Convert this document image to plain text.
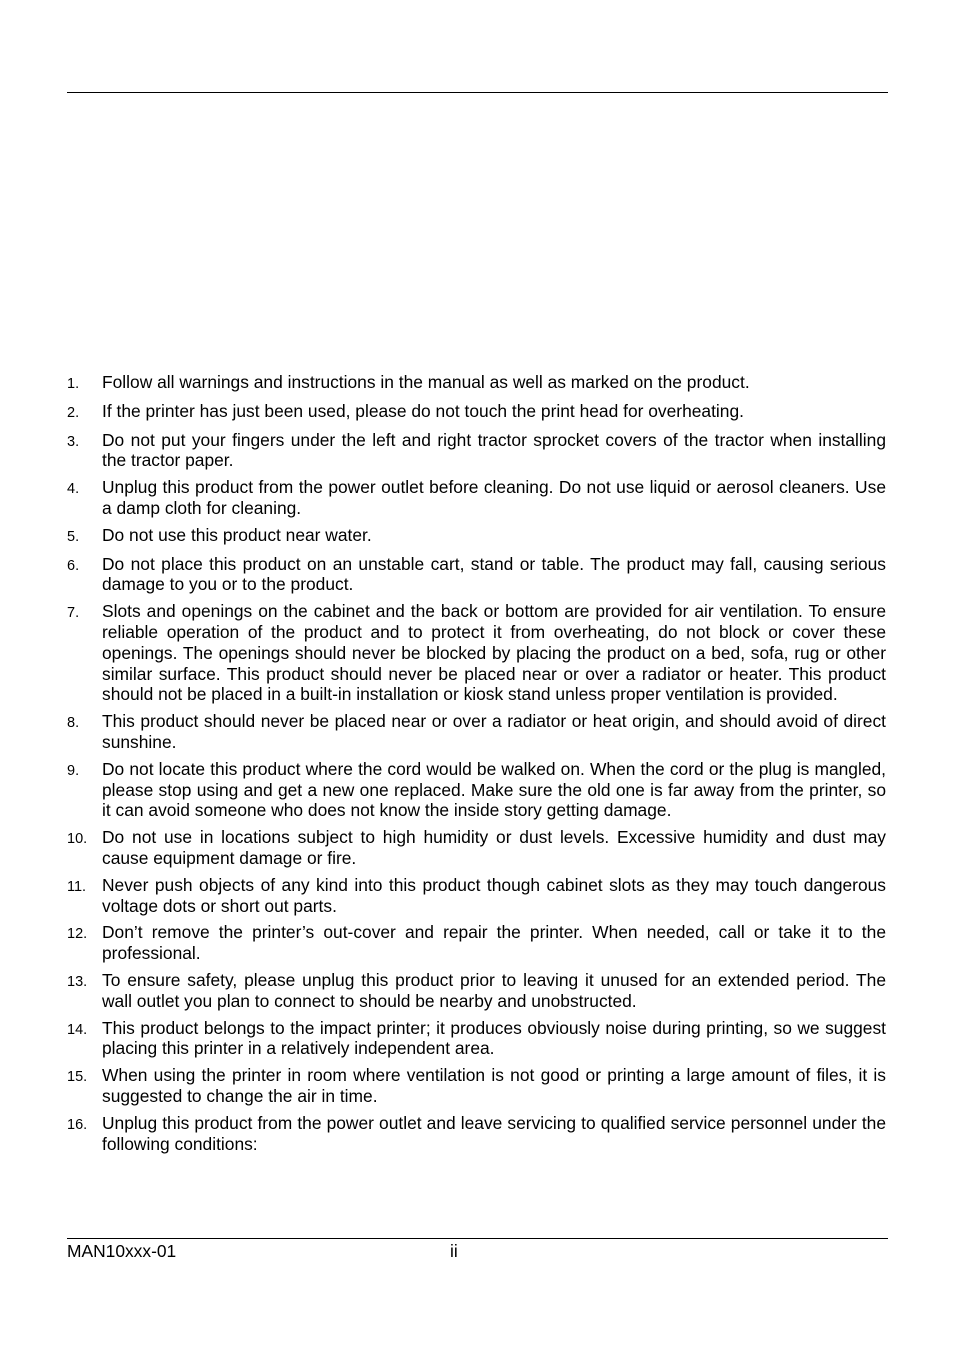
1.	Follow all warnings and instructions in the manual as well as marked on the product.
2.	If the printer has just been used, please do not touch the print head for overheating.
3.	Do not put your fingers under the left and right tractor sprocket covers of the tractor when installing the tractor paper.
4.	Unplug this product from the power outlet before cleaning. Do not use liquid or aerosol cleaners. Use a damp cloth for cleaning.
5.	Do not use this product near water.
6.	Do not place this product on an unstable cart, stand or table. The product may fall, causing serious damage to you or to the product.
7.	Slots and openings on the cabinet and the back or bottom are provided for air ventilation. To ensure reliable operation of the product and to protect it from overheating, do not block or cover these openings. The openings should never be blocked by placing the product on a bed, sofa, rug or other similar surface. This product should never be placed near or over a radiator or heater. This product should not be placed in a built-in installation or kiosk stand unless proper ventilation is provided.
8.	This product should never be placed near or over a radiator or heat origin, and should avoid of direct sunshine.
9.	Do not locate this product where the cord would be walked on. When the cord or the plug is mangled, please stop using and get a new one replaced. Make sure the old one is far away from the printer, so it can avoid someone who does not know the inside story getting damage.
10. Do not use in locations subject to high humidity or dust levels. Excessive humidity and dust may cause equipment damage or fire.
11. Never push objects of any kind into this product though cabinet slots as they may touch dangerous voltage dots or short out parts.
12. Don’t remove the printer’s out-cover and repair the printer. When needed, call or take it to the professional.
13. To ensure safety, please unplug this product prior to leaving it unused for an extended period. The wall outlet you plan to connect to should be nearby and unobstructed.
14. This product belongs to the impact printer; it produces obviously noise during printing, so we suggest placing this printer in a relatively independent area.
15. When using the printer in room where ventilation is not good or printing a large amount of files, it is suggested to change the air in time.
16. Unplug this product from the power outlet and leave servicing to qualified service personnel under the following conditions:
MAN10xxx-01	ii
